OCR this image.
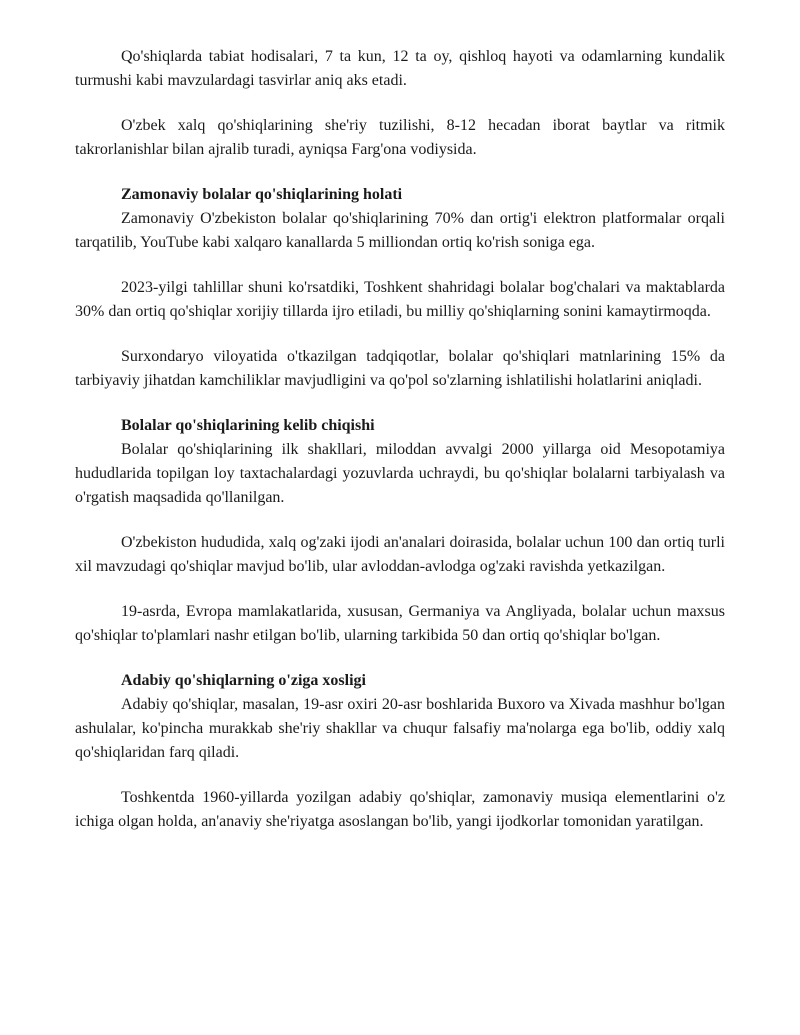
Qo'shiqlarda tabiat hodisalari, 7 ta kun, 12 ta oy, qishloq hayoti va odamlarning kundalik turmushi kabi mavzulardagi tasvirlar aniq aks etadi.

O'zbek xalq qo'shiqlarining she'riy tuzilishi, 8-12 hecadan iborat baytlar va ritmik takrorlanishlar bilan ajralib turadi, ayniqsa Farg'ona vodiysida.

Zamonaviy bolalar qo'shiqlarining holati

Zamonaviy O'zbekiston bolalar qo'shiqlarining 70% dan ortig'i elektron platformalar orqali tarqatilib, YouTube kabi xalqaro kanallarda 5 milliondan ortiq ko'rish soniga ega.

2023-yilgi tahlillar shuni ko'rsatdiki, Toshkent shahridagi bolalar bog'chalari va maktablarda 30% dan ortiq qo'shiqlar xorijiy tillarda ijro etiladi, bu milliy qo'shiqlarning sonini kamaytirmoqda.

Surxondaryo viloyatida o'tkazilgan tadqiqotlar, bolalar qo'shiqlari matnlarining 15% da tarbiyaviy jihatdan kamchiliklar mavjudligini va qo'pol so'zlarning ishlatilishi holatlarini aniqladi.

Bolalar qo'shiqlarining kelib chiqishi

Bolalar qo'shiqlarining ilk shakllari, miloddan avvalgi 2000 yillarga oid Mesopotamiya hududlarida topilgan loy taxtachalardagi yozuvlarda uchraydi, bu qo'shiqlar bolalarni tarbiyalash va o'rgatish maqsadida qo'llanilgan.

O'zbekiston hududida, xalq og'zaki ijodi an'analari doirasida, bolalar uchun 100 dan ortiq turli xil mavzudagi qo'shiqlar mavjud bo'lib, ular avloddan-avlodga og'zaki ravishda yetkazilgan.

19-asrda, Evropa mamlakatlarida, xususan, Germaniya va Angliyada, bolalar uchun maxsus qo'shiqlar to'plamlari nashr etilgan bo'lib, ularning tarkibida 50 dan ortiq qo'shiqlar bo'lgan.

Adabiy qo'shiqlarning o'ziga xosligi

Adabiy qo'shiqlar, masalan, 19-asr oxiri 20-asr boshlarida Buxoro va Xivada mashhur bo'lgan ashulalar, ko'pincha murakkab she'riy shakllar va chuqur falsafiy ma'nolarga ega bo'lib, oddiy xalq qo'shiqlaridan farq qiladi.

Toshkentda 1960-yillarda yozilgan adabiy qo'shiqlar, zamonaviy musiqa elementlarini o'z ichiga olgan holda, an'anaviy she'riyatga asoslangan bo'lib, yangi ijodkorlar tomonidan yaratilgan.
